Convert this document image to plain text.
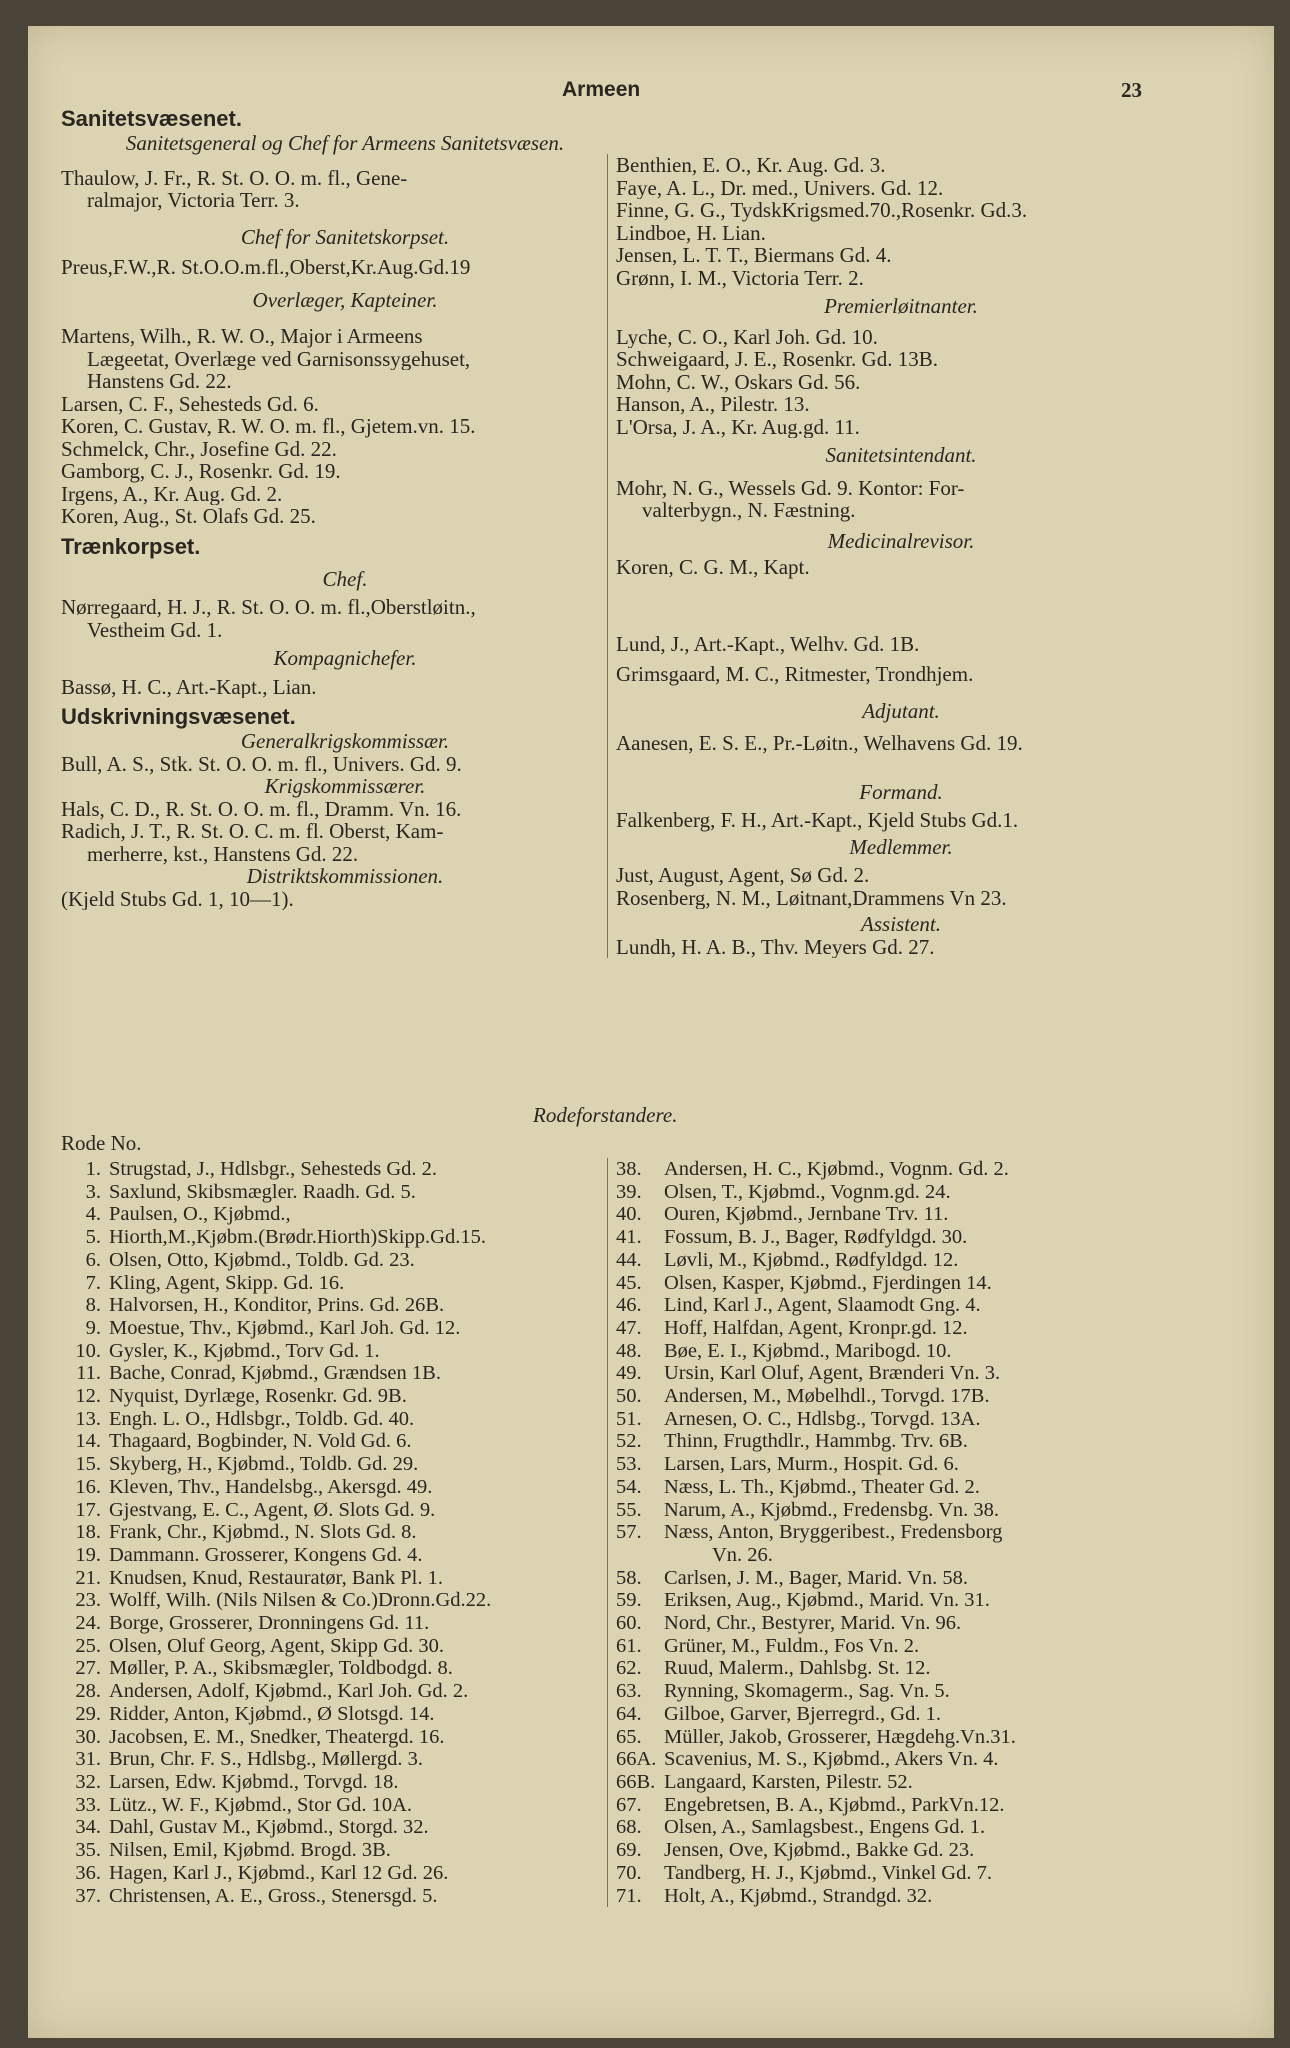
Armeen	23
Sanitetsvæsenet.
Sanitetsgeneral og Chef for Armeens Sanitetsvæsen.
Thaulow, J. Fr., R. St. O. O. m. fl., Gene-
ralmajor, Victoria Terr. 3.
Chef for Sanitetskorpset.
Preus,F.W.,R. St.O.O.m.fl.,Oberst,Kr.Aug.Gd.19
Overlæger, Kapteiner.
Martens, Wilh., R. W. O., Major i Armeens
Lægeetat, Overlæge ved Garnisonssygehuset,
Hanstens Gd. 22.
Larsen, C. F., Sehesteds Gd. 6.
Koren, C. Gustav, R. W. O. m. fl., Gjetem.vn. 15.
Schmelck, Chr., Josefine Gd. 22.
Gamborg, C. J., Rosenkr. Gd. 19.
Irgens, A., Kr. Aug. Gd. 2.
Koren, Aug., St. Olafs Gd. 25.
Trænkorpset.
Chef.
Nørregaard, H. J., R. St. O. O. m. fl.,Oberstløitn.,
Vestheim Gd. 1.
Kompagnichefer.
Bassø, H. C., Art.-Kapt., Lian.
Udskrivningsvæsenet.
Generalkrigskommissær.
Bull, A. S., Stk. St. O. O. m. fl., Univers. Gd. 9.
Krigskommissærer.
Hals, C. D., R. St. O. O. m. fl., Dramm. Vn. 16.
Radich, J. T., R. St. O. C. m. fl. Oberst, Kam-
merherre, kst., Hanstens Gd. 22.
Distriktskommissionen.
(Kjeld Stubs Gd. 1, 10—1).
Benthien, E. O., Kr. Aug. Gd. 3.
Faye, A. L., Dr. med., Univers. Gd. 12.
Finne, G. G., TydskKrigsmed.70.,Rosenkr. Gd.3.
Lindboe, H. Lian.
Jensen, L. T. T., Biermans Gd. 4.
Grønn, I. M., Victoria Terr. 2.
Premierløitnanter.
Lyche, C. O., Karl Joh. Gd. 10.
Schweigaard, J. E., Rosenkr. Gd. 13B.
Mohn, C. W., Oskars Gd. 56.
Hanson, A., Pilestr. 13.
L'Orsa, J. A., Kr. Aug.gd. 11.
Sanitetsintendant.
Mohr, N. G., Wessels Gd. 9. Kontor: For-
valterbygn., N. Fæstning.
Medicinalrevisor.
Koren, C. G. M., Kapt.
Lund, J., Art.-Kapt., Welhv. Gd. 1B.
Grimsgaard, M. C., Ritmester, Trondhjem.
Adjutant.
Aanesen, E. S. E., Pr.-Løitn., Welhavens Gd. 19.
Formand.
Falkenberg, F. H., Art.-Kapt., Kjeld Stubs Gd.1.
Medlemmer.
Just, August, Agent, Sø Gd. 2.
Rosenberg, N. M., Løitnant,Drammens Vn 23.
Assistent.
Lundh, H. A. B., Thv. Meyers Gd. 27.
Rodeforstandere.
Rode No.
1. Strugstad, J., Hdlsbgr., Sehesteds Gd. 2.
3. Saxlund, Skibsmægler. Raadh. Gd. 5.
4. Paulsen, O., Kjøbmd.,
5. Hiorth,M.,Kjøbm.(Brødr.Hiorth)Skipp.Gd.15.
6. Olsen, Otto, Kjøbmd., Toldb. Gd. 23.
7. Kling, Agent, Skipp. Gd. 16.
8. Halvorsen, H., Konditor, Prins. Gd. 26B.
9. Moestue, Thv., Kjøbmd., Karl Joh. Gd. 12.
10. Gysler, K., Kjøbmd., Torv Gd. 1.
11. Bache, Conrad, Kjøbmd., Grændsen 1B.
12. Nyquist, Dyrlæge, Rosenkr. Gd. 9B.
13. Engh. L. O., Hdlsbgr., Toldb. Gd. 40.
14. Thagaard, Bogbinder, N. Vold Gd. 6.
15. Skyberg, H., Kjøbmd., Toldb. Gd. 29.
16. Kleven, Thv., Handelsbg., Akersgd. 49.
17. Gjestvang, E. C., Agent, Ø. Slots Gd. 9.
18. Frank, Chr., Kjøbmd., N. Slots Gd. 8.
19. Dammann. Grosserer, Kongens Gd. 4.
21. Knudsen, Knud, Restauratør, Bank Pl. 1.
23. Wolff, Wilh. (Nils Nilsen & Co.)Dronn.Gd.22.
24. Borge, Grosserer, Dronningens Gd. 11.
25. Olsen, Oluf Georg, Agent, Skipp Gd. 30.
27. Møller, P. A., Skibsmægler, Toldbodgd. 8.
28. Andersen, Adolf, Kjøbmd., Karl Joh. Gd. 2.
29. Ridder, Anton, Kjøbmd., Ø Slotsgd. 14.
30. Jacobsen, E. M., Snedker, Theatergd. 16.
31. Brun, Chr. F. S., Hdlsbg., Møllergd. 3.
32. Larsen, Edw. Kjøbmd., Torvgd. 18.
33. Lütz., W. F., Kjøbmd., Stor Gd. 10A.
34. Dahl, Gustav M., Kjøbmd., Storgd. 32.
35. Nilsen, Emil, Kjøbmd. Brogd. 3B.
36. Hagen, Karl J., Kjøbmd., Karl 12 Gd. 26.
37. Christensen, A. E., Gross., Stenersgd. 5.
38.	Andersen, H. C., Kjøbmd., Vognm. Gd. 2.
39.	Olsen, T., Kjøbmd., Vognm.gd. 24.
40.	Ouren, Kjøbmd., Jernbane Trv. 11.
41.	Fossum, B. J., Bager, Rødfyldgd. 30.
44.	Løvli, M., Kjøbmd., Rødfyldgd. 12.
45.	Olsen, Kasper, Kjøbmd., Fjerdingen 14.
46.	Lind, Karl J., Agent, Slaamodt Gng. 4.
47.	Hoff, Halfdan, Agent, Kronpr.gd. 12.
48.	Bøe, E. I., Kjøbmd., Maribogd. 10.
49.	Ursin, Karl Oluf, Agent, Brænderi Vn. 3.
50.	Andersen, M., Møbelhdl., Torvgd. 17B.
51.	Arnesen, O. C., Hdlsbg., Torvgd. 13A.
52.	Thinn, Frugthdlr., Hammbg. Trv. 6B.
53.	Larsen, Lars, Murm., Hospit. Gd. 6.
54.	Næss, L. Th., Kjøbmd., Theater Gd. 2.
55.	Narum, A., Kjøbmd., Fredensbg. Vn. 38.
57.	Næss, Anton, Bryggeribest., Fredensborg
Vn. 26.
58.	Carlsen, J. M., Bager, Marid. Vn. 58.
59.	Eriksen, Aug., Kjøbmd., Marid. Vn. 31.
60.	Nord, Chr., Bestyrer, Marid. Vn. 96.
61.	Grüner, M., Fuldm., Fos Vn. 2.
62.	Ruud, Malerm., Dahlsbg. St. 12.
63.	Rynning, Skomagerm., Sag. Vn. 5.
64.	Gilboe, Garver, Bjerregrd., Gd. 1.
65.	Müller, Jakob, Grosserer, Hægdehg.Vn.31.
66A. Scavenius, M. S., Kjøbmd., Akers Vn. 4.
66B. Langaard, Karsten, Pilestr. 52.
67.	Engebretsen, B. A., Kjøbmd., ParkVn.12.
68.	Olsen, A., Samlagsbest., Engens Gd. 1.
69.	Jensen, Ove, Kjøbmd., Bakke Gd. 23.
70.	Tandberg, H. J., Kjøbmd., Vinkel Gd. 7.
71.	Holt, A., Kjøbmd., Strandgd. 32.
